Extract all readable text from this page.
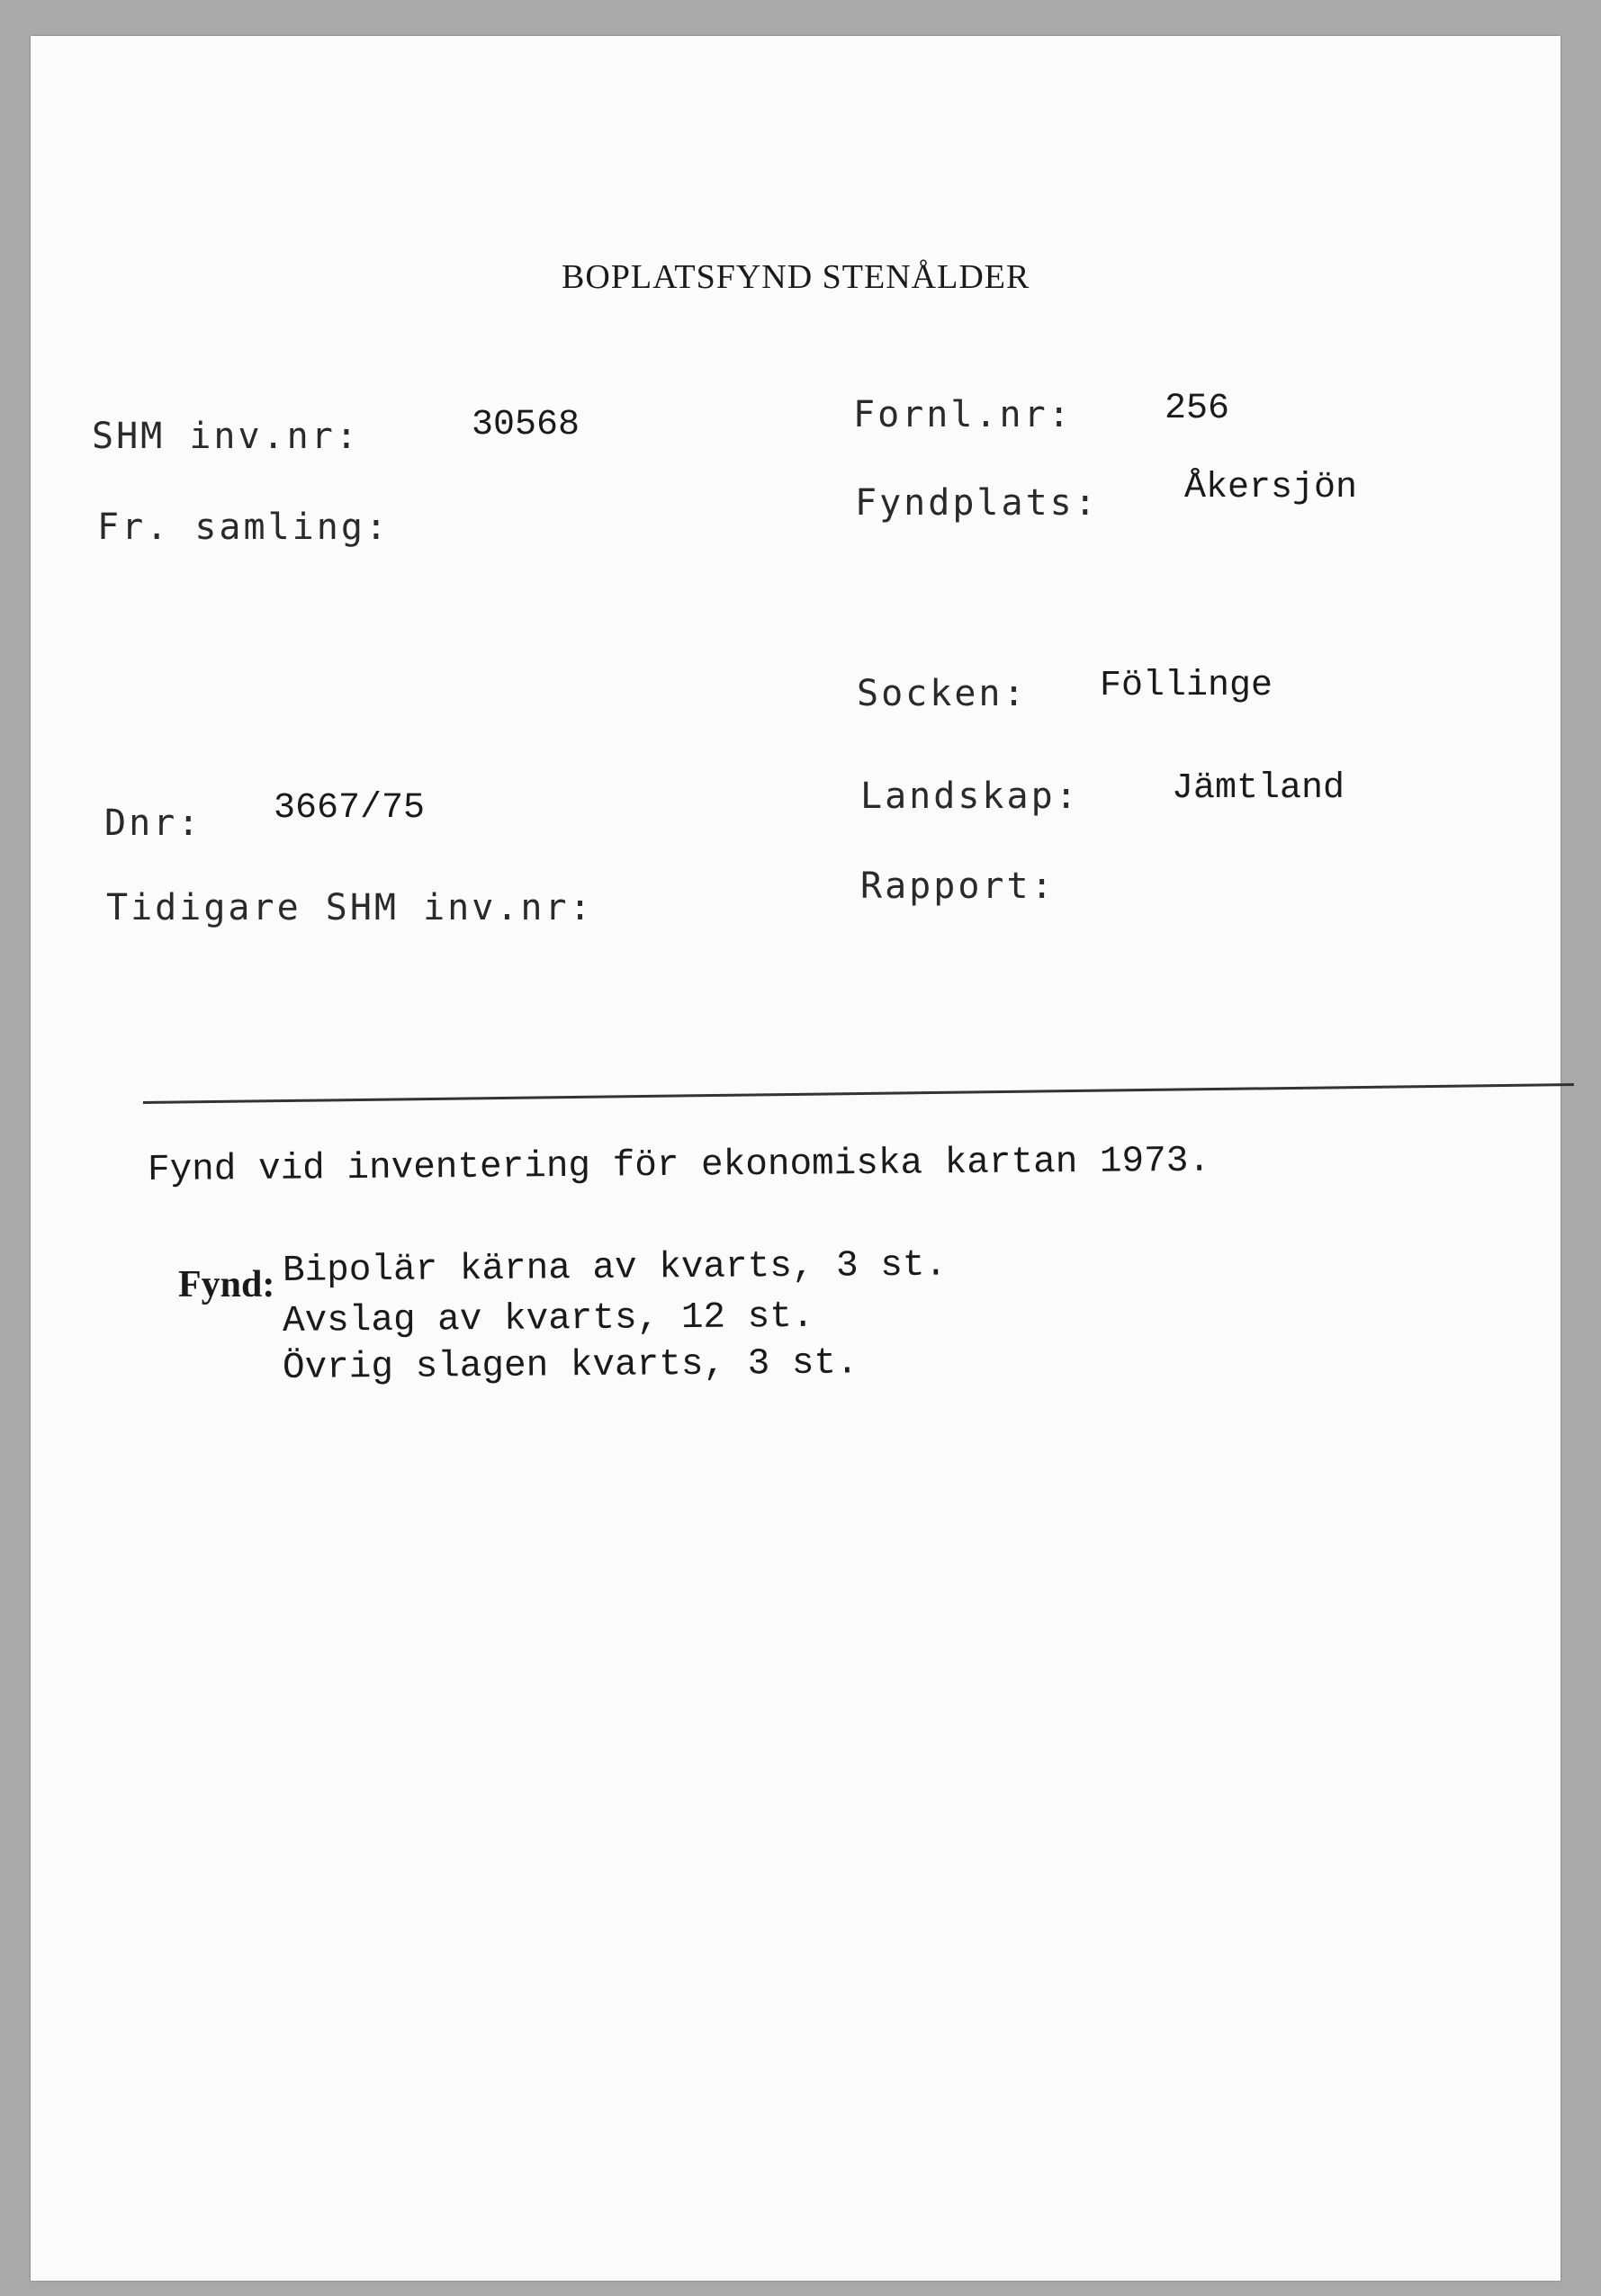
BOPLATSFYND STENÅLDER
SHM inv.nr:	30568
Fr. samling:
Dnr: 3667/75
Tidigare SHM inv.nr:
Fornl.nr:	256
Fyndplats: Åkersjön
Socken: Föllinge
Landskap:	Jämtland
Rapport:
Fynd vid inventering för ekonomiska kartan 1973.
Fynd: Bipolär kärna av kvarts, 3 st.
Avslag av kvarts, 12 st.
Övrig slagen kvarts, 3 st.
